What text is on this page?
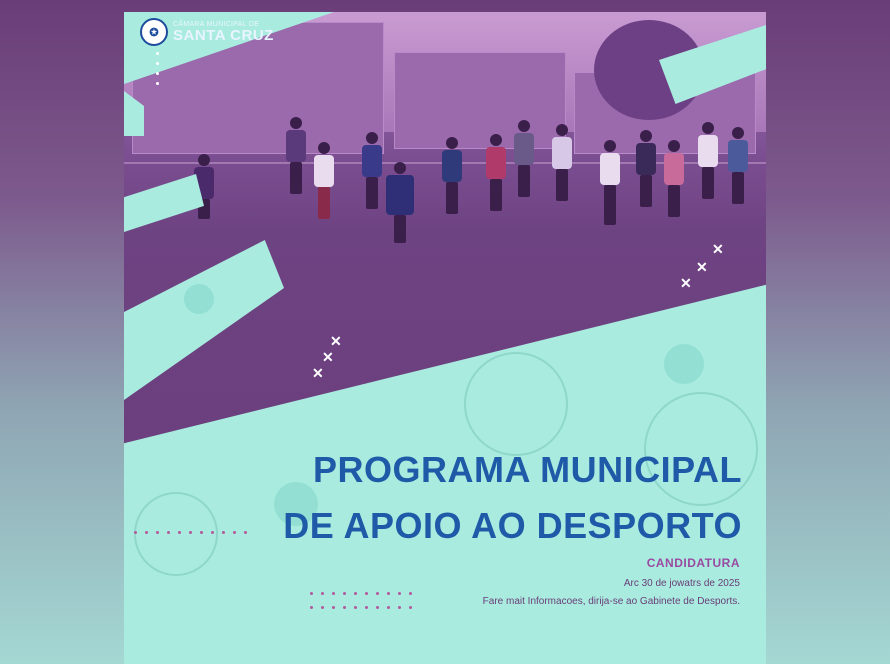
✪
CÂMARA MUNICIPAL DE
SANTA CRUZ
✕
✕
✕
✕
✕
✕
PROGRAMA MUNICIPAL
DE APOIO AO DESPORTO
CANDIDATURA
Arc 30 de jowatrs de 2025
Fare mait Informacoes, dirija-se ao Gabinete de Desports.
